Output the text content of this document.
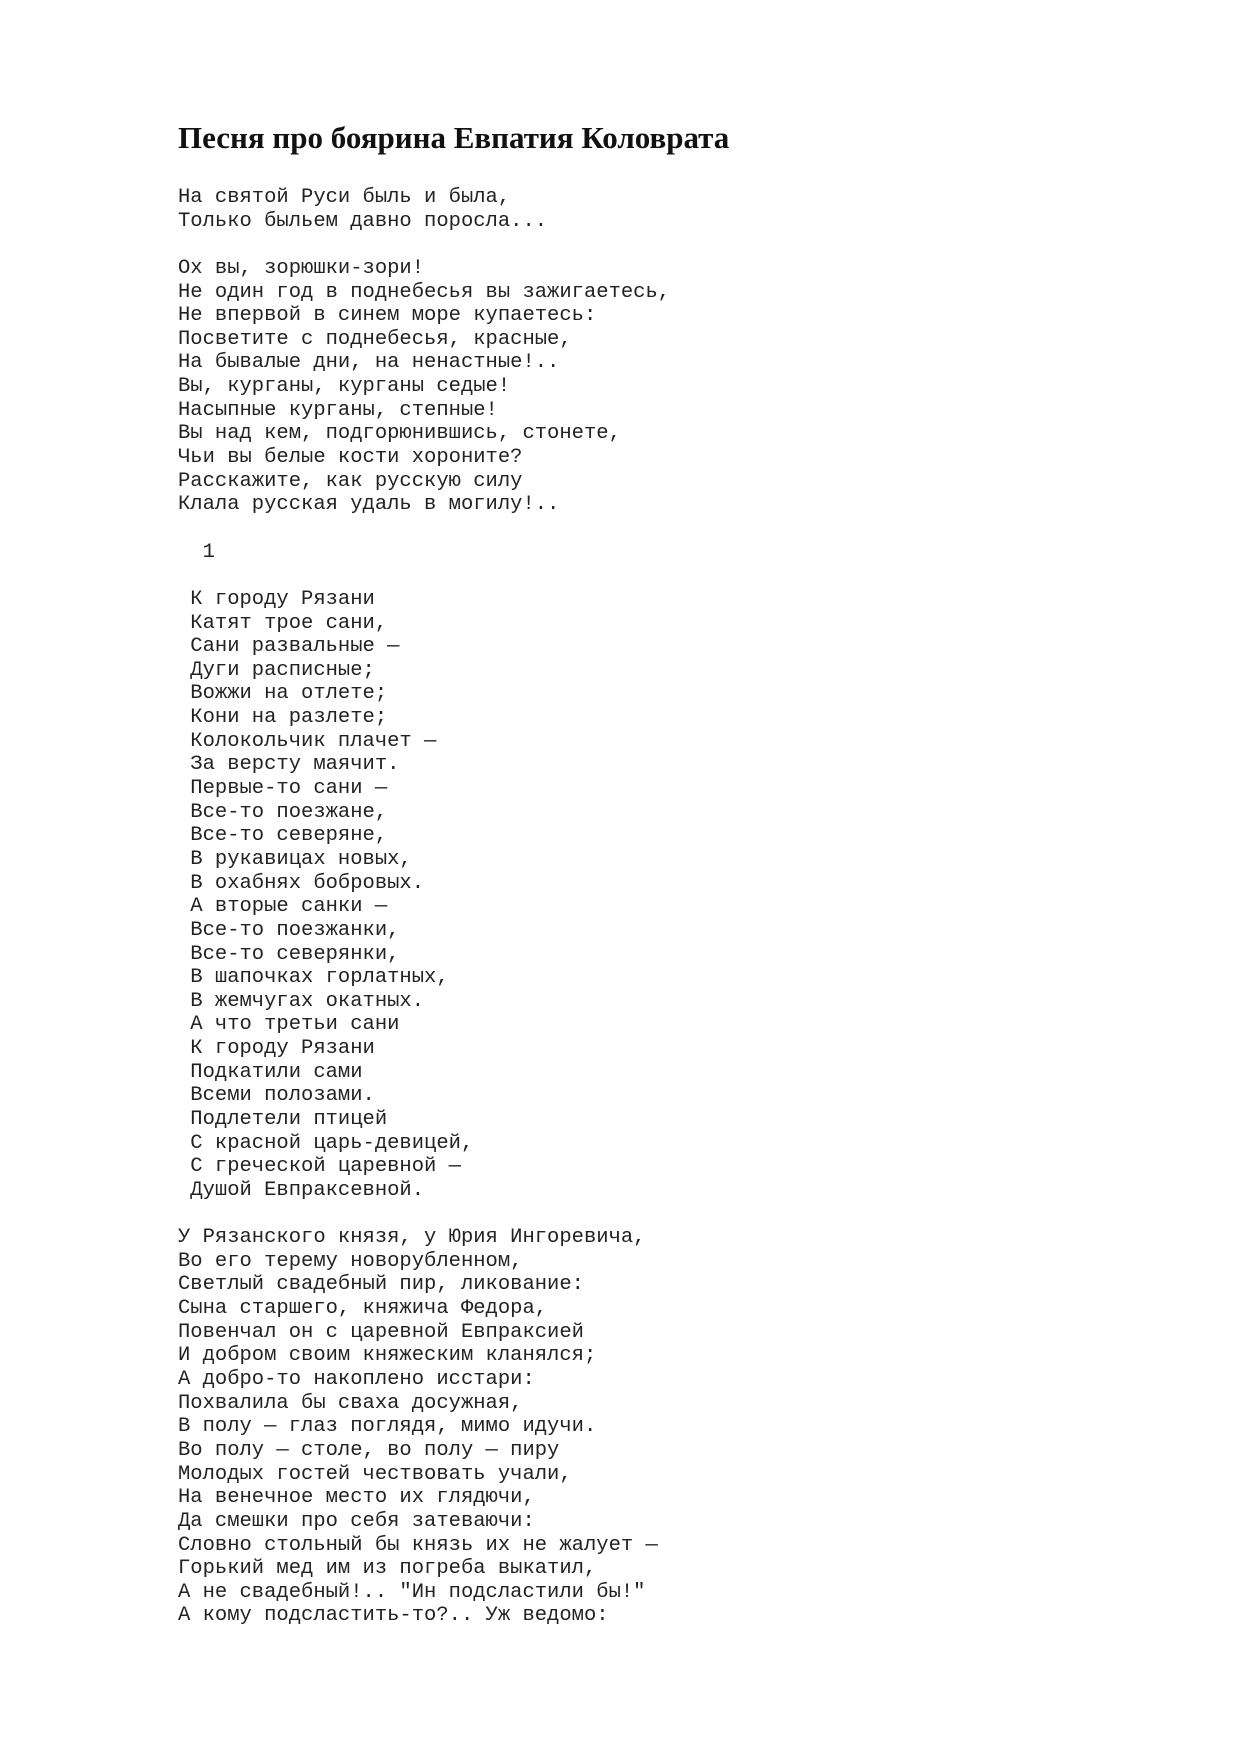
Песня про боярина Евпатия Коловрата
На святой Руси быль и была,
Только быльем давно поросла...
Ох вы, зорюшки-зори!
Не один год в поднебесья вы зажигаетесь,
Не впервой в синем море купаетесь:
Посветите с поднебесья, красные,
На бывалые дни, на ненастные!..
Вы, курганы, курганы седые!
Насыпные курганы, степные!
Вы над кем, подгорюнившись, стонете,
Чьи вы белые кости хороните?
Расскажите, как русскую силу
Клала русская удаль в могилу!..
1
К городу Рязани
Катят трое сани,
Сани развальные —
Дуги расписные;
Вожжи на отлете;
Кони на разлете;
Колокольчик плачет —
За версту маячит.
Первые-то сани —
Все-то поезжане,
Все-то северяне,
В рукавицах новых,
В охабнях бобровых.
А вторые санки —
Все-то поезжанки,
Все-то северянки,
В шапочках горлатных,
В жемчугах окатных.
А что третьи сани
К городу Рязани
Подкатили сами
Всеми полозами.
Подлетели птицей
С красной царь-девицей,
С греческой царевной —
Душой Евпраксевной.
У Рязанского князя, у Юрия Ингоревича,
Во его терему новорубленном,
Светлый свадебный пир, ликование:
Сына старшего, княжича Федора,
Повенчал он с царевной Евпраксией
И добром своим княжеским кланялся;
А добро-то накоплено исстари:
Похвалила бы сваха досужная,
В полу — глаз поглядя, мимо идучи.
Во полу — столе, во полу — пиру
Молодых гостей чествовать учали,
На венечное место их глядючи,
Да смешки про себя затеваючи:
Словно стольный бы князь их не жалует —
Горький мед им из погреба выкатил,
А не свадебный!.. "Ин подсластили бы!"
А кому подсластить-то?.. Уж ведомо:
